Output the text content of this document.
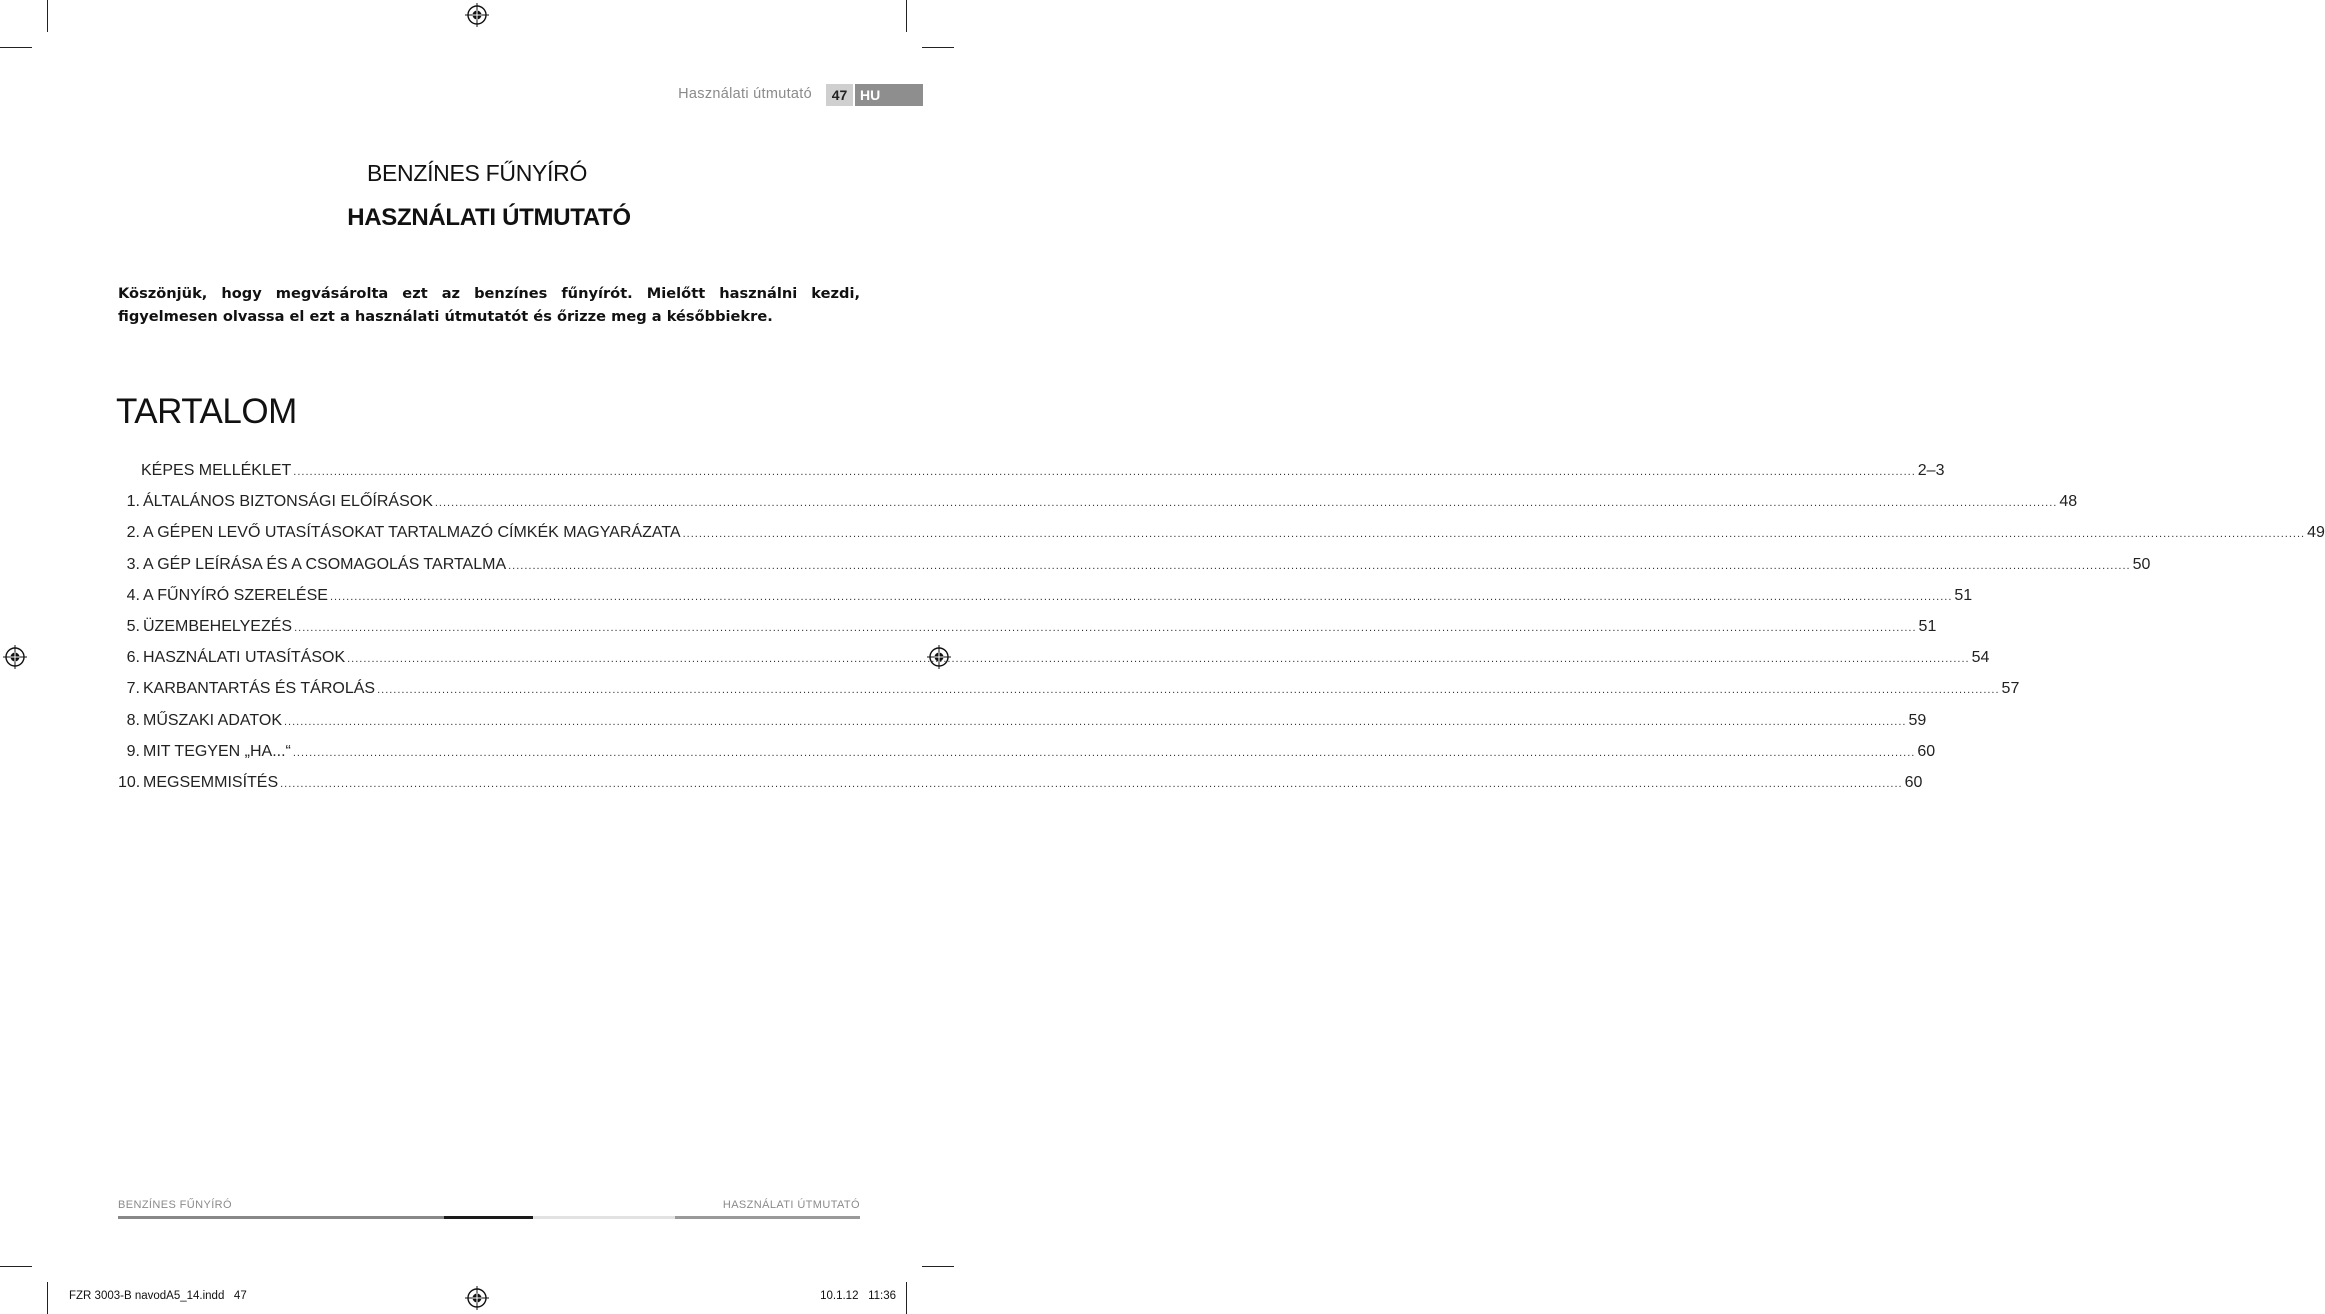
Használati útmutató	47 HU
BENZÍNES FŰNYÍRÓ
HASZNÁLATI ÚTMUTATÓ
Köszönjük, hogy megvásárolta ezt az benzínes fűnyírót. Mielőtt használni kezdi, figyelmesen olvassa el ezt a használati útmutatót és őrizze meg a későbbiekre.
TARTALOM
KÉPES MELLÉKLET ................................................................................................................................................................................................................................................................................................................................................................................................................ 2–3
1. ÁLTALÁNOS BIZTONSÁGI ELŐÍRÁSOK ................................................................................................................................................................................................................................................................................................................................................................................................................ 48
2. A GÉPEN LEVŐ UTASÍTÁSOKAT TARTALMAZÓ CÍMKÉK MAGYARÁZATA ................................................................................................................................................................................................................................................................................................................................................................................................................ 49
3. A GÉP LEÍRÁSA ÉS A CSOMAGOLÁS TARTALMA ................................................................................................................................................................................................................................................................................................................................................................................................................ 50
4. A FŰNYÍRÓ SZERELÉSE ................................................................................................................................................................................................................................................................................................................................................................................................................ 51
5. ÜZEMBEHELYEZÉS ................................................................................................................................................................................................................................................................................................................................................................................................................ 51
6. HASZNÁLATI UTASÍTÁSOK ................................................................................................................................................................................................................................................................................................................................................................................................................ 54
7. KARBANTARTÁS ÉS TÁROLÁS ................................................................................................................................................................................................................................................................................................................................................................................................................ 57
8. MŰSZAKI ADATOK ................................................................................................................................................................................................................................................................................................................................................................................................................ 59
9. MIT TEGYEN „HA...“ ................................................................................................................................................................................................................................................................................................................................................................................................................ 60
10. MEGSEMMISÍTÉS ................................................................................................................................................................................................................................................................................................................................................................................................................ 60
BENZÍNES FŰNYÍRÓ	HASZNÁLATI ÚTMUTATÓ
FZR 3003-B navodA5_14.indd   47	10.1.12   11:36
